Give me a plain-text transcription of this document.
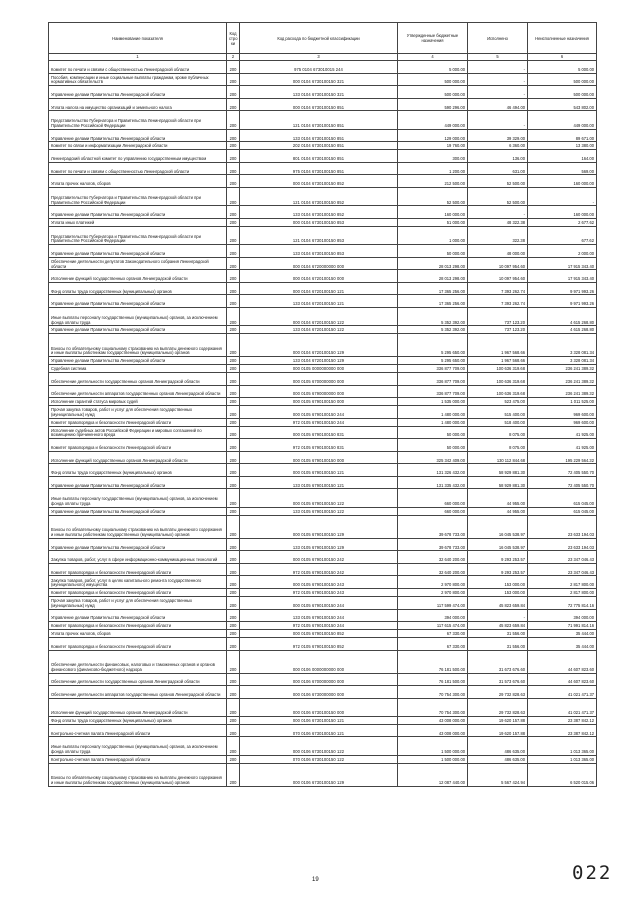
Наименование показателя	Код стро ки	Код расхода по бюджетной классификации	Утвержденные бюджетные назначения	Исполнено	Неисполненные назначения
1	2	3	4	5	6
Комитет по печати и связям с общественностью Ленинградской области	200	975 0104 673010015 244	5 000.00	-	5 000.00
Пособия, компенсации и иные социальные выплаты гражданам, кроме публичных нормативных обязательств	200	000 0104 6730100150 321	500 000.00	-	500 000.00
Управление делами Правительства Ленинградской области	200	133 0104 6730100150 321	500 000.00	-	500 000.00
Уплата налога на имущество организаций и земельного налога	200	000 0104 6730100150 851	590 296.00	46 494.00	543 802.00
Представительство Губернатора и Правительства Ленинградской области при Правительстве Российской Федерации	200	121 0104 6730100150 851	449 000.00	-	449 000.00
Управление делами Правительства Ленинградской области	200	133 0104 6730100150 851	129 000.00	39 329.00	89 671.00
Комитет по связи и информатизации Ленинградской области	200	202 0104 6730100150 851	19 760.00	6 360.00	13 380.00
Ленинградский областной комитет по управлению государственным имуществом	200	801 0104 6730100150 851	300.00	136.00	164.00
Комитет по печати и связям с общественностью Ленинградской области	200	975 0104 6730100150 851	1 200.00	631.00	569.00
Уплата прочих налогов, сборов	200	000 0104 6730100150 852	212 500.00	52 500.00	160 000.00
Представительство Губернатора и Правительства Ленинградской области при Правительстве Российской Федерации	200	121 0104 6730100150 852	52 500.00	52 500.00	-
Управление делами Правительства Ленинградской области	200	133 0104 6730100150 852	160 000.00	-	160 000.00
Уплата иных платежей	200	000 0104 6730100150 853	51 000.00	48 322.38	2 677.62
Представительство Губернатора и Правительства Ленинградской области при Правительстве Российской Федерации	200	121 0104 6730100150 853	1 000.00	322.38	677.62
Управление делами Правительства Ленинградской области	200	133 0104 6730100150 853	50 000.00	48 000.00	2 000.00
Обеспечение деятельности депутатов Законодательного собрания Ленинградской области	200	000 0104 6720000000 000	28 013 298.00	10 097 954.60	17 915 343.40
Исполнение функций государственных органов Ленинградской области	200	000 0104 6720100150 000	28 013 298.00	10 097 954.60	17 915 343.40
Фонд оплаты труда государственных (муниципальных) органов	200	000 0104 6720100150 121	17 365 256.00	7 393 262.74	9 971 993.26
Управление делами Правительства Ленинградской области	200	133 0104 6720100150 121	17 365 256.00	7 393 262.74	9 971 993.26
Иные выплаты персоналу государственных (муниципальных) органов, за исключением фонда оплаты труда	200	000 0104 6720100150 122	5 352 392.00	737 123.20	4 615 268.80
Управление делами Правительства Ленинградской области	200	133 0104 6720100150 122	5 352 392.00	737 123.20	4 615 268.80
Взносы по обязательному социальному страхованию на выплаты денежного содержания и иные выплаты работникам государственных (муниципальных) органов	200	000 0104 6720100150 129	5 295 650.00	1 967 568.66	3 328 081.34
Управление делами Правительства Ленинградской области	200	133 0104 6720100150 129	5 295 650.00	1 967 568.66	3 328 081.34
Судебная система	200	000 0105 0000000000 000	336 877 709.00	100 636 319.68	236 241 389.32
Обеспечение деятельности государственных органов Ленинградской области	200	000 0105 6700000000 000	336 877 709.00	100 636 319.68	236 241 389.32
Обеспечение деятельности аппаратов государственных органов Ленинградской области	200	000 0105 6790000000 000	336 877 709.00	100 636 319.68	236 241 389.32
Исполнение гарантий статуса мировых судей	200	000 0105 6790100150 000	1 535 000.00	523 475.00	1 011 525.00
Прочая закупка товаров, работ и услуг для обеспечения государственных (муниципальных) нужд	200	000 0105 6790100150 244	1 480 000.00	515 400.00	969 600.00
Комитет правопорядка и безопасности Ленинградской области	200	972 0105 6790100150 244	1 480 000.00	518 400.00	969 600.00
Исполнение судебных актов Российской Федерации и мировых соглашений по возмещению причиненного вреда	200	000 0105 6790100150 831	50 000.00	8 075.00	41 925.00
Комитет правопорядка и безопасности Ленинградской области	200	972 0105 6790100150 831	50 000.00	8 075.00	41 925.00
Исполнение функций государственных органов Ленинградской области	200	000 0105 6790100150 000	325 342 409.00	130 112 844.68	195 229 564.32
Фонд оплаты труда государственных (муниципальных) органов	200	000 0105 6790100150 121	131 326 432.00	58 929 881.30	72 405 550.70
Управление делами Правительства Ленинградской области	200	133 0105 6790100150 121	131 335 432.00	58 929 881.30	72 405 550.70
Иные выплаты персоналу государственных (муниципальных) органов, за исключением фонда оплаты труда	200	000 0105 6790100150 122	660 000.00	44 955.00	615 045.00
Управление делами Правительства Ленинградской области	200	133 0105 6790100150 122	660 000.00	44 955.00	615 045.00
Взносы по обязательному социальному страхованию на выплаты денежного содержания и иные выплаты работникам государственных (муниципальных) органов	200	000 0105 6790100150 129	39 678 733.00	16 045 538.97	23 633 194.03
Управление делами Правительства Ленинградской области	200	133 0105 6790100150 129	39 678 733.00	16 045 538.97	23 633 194.03
Закупка товаров, работ, услуг в сфере информационно-коммуникационных технологий	200	000 0105 6790100150 242	32 640 200.00	9 293 253.57	23 347 046.43
Комитет правопорядка и безопасности Ленинградской области	200	972 0105 6790100150 242	32 640 200.00	9 293 253.57	23 347 046.43
Закупка товаров, работ, услуг в целях капитального ремонта государственного (муниципального) имущества	200	000 0105 6790100150 243	2 970 800.00	153 000.00	2 817 800.00
Комитет правопорядка и безопасности Ленинградской области	200	972 0105 6790100150 243	2 970 800.00	153 000.00	2 817 800.00
Прочая закупка товаров, работ и услуг для обеспечения государственных (муниципальных) нужд	200	000 0105 6790100150 244	117 599 474.00	45 823 659.84	72 775 814.16
Управление делами Правительства Ленинградской области	200	133 0105 6790100150 244	394 000.00	-	394 000.00
Комитет правопорядка и безопасности Ленинградской области	200	972 0105 6790100150 244	117 615 474.00	45 823 659.84	71 991 814.16
Уплата прочих налогов, сборов	200	000 0105 6790100150 852	67 330.00	31 556.00	35 444.00
Комитет правопорядка и безопасности Ленинградской области	200	972 0105 6790100150 852	67 330.00	31 556.00	35 444.00
Обеспечение деятельности финансовых, налоговых и таможенных органов и органов финансового (финансово-бюджетного) надзора	200	000 0106 0000000000 000	76 181 500.00	31 673 676.60	44 607 823.60
Обеспечение деятельности государственных органов Ленинградской области	200	000 0106 6700000000 000	76 181 500.00	31 573 676.60	44 607 823.60
Обеспечение деятельности аппаратов государственных органов Ленинградской области	200	000 0106 6730000000 000	70 754 300.00	29 732 828.63	41 021 471.37
Исполнение функций государственных органов Ленинградской области	200	000 0106 6730100150 000	70 754 300.00	29 732 828.63	41 021 471.37
Фонд оплаты труда государственных (муниципальных) органов	200	000 0106 6730100150 121	43 008 000.00	19 620 157.88	23 387 842.12
Контрольно-счетная палата Ленинградской области	200	070 0106 6730100150 121	43 008 000.00	19 620 157.88	23 387 842.12
Иные выплаты персоналу государственных (муниципальных) органов, за исключением фонда оплаты труда	200	000 0106 6730100150 122	1 500 000.00	486 635.00	1 013 365.00
Контрольно-счетная палата Ленинградской области	200	070 0106 6730100150 122	1 500 000.00	486 635.00	1 013 365.00
Взносы по обязательному социальному страхованию на выплаты денежного содержания и иные выплаты работникам государственных (муниципальных) органов	200	000 0106 6730100150 129	12 087 440.00	5 567 424.94	6 520 015.06
19	022
